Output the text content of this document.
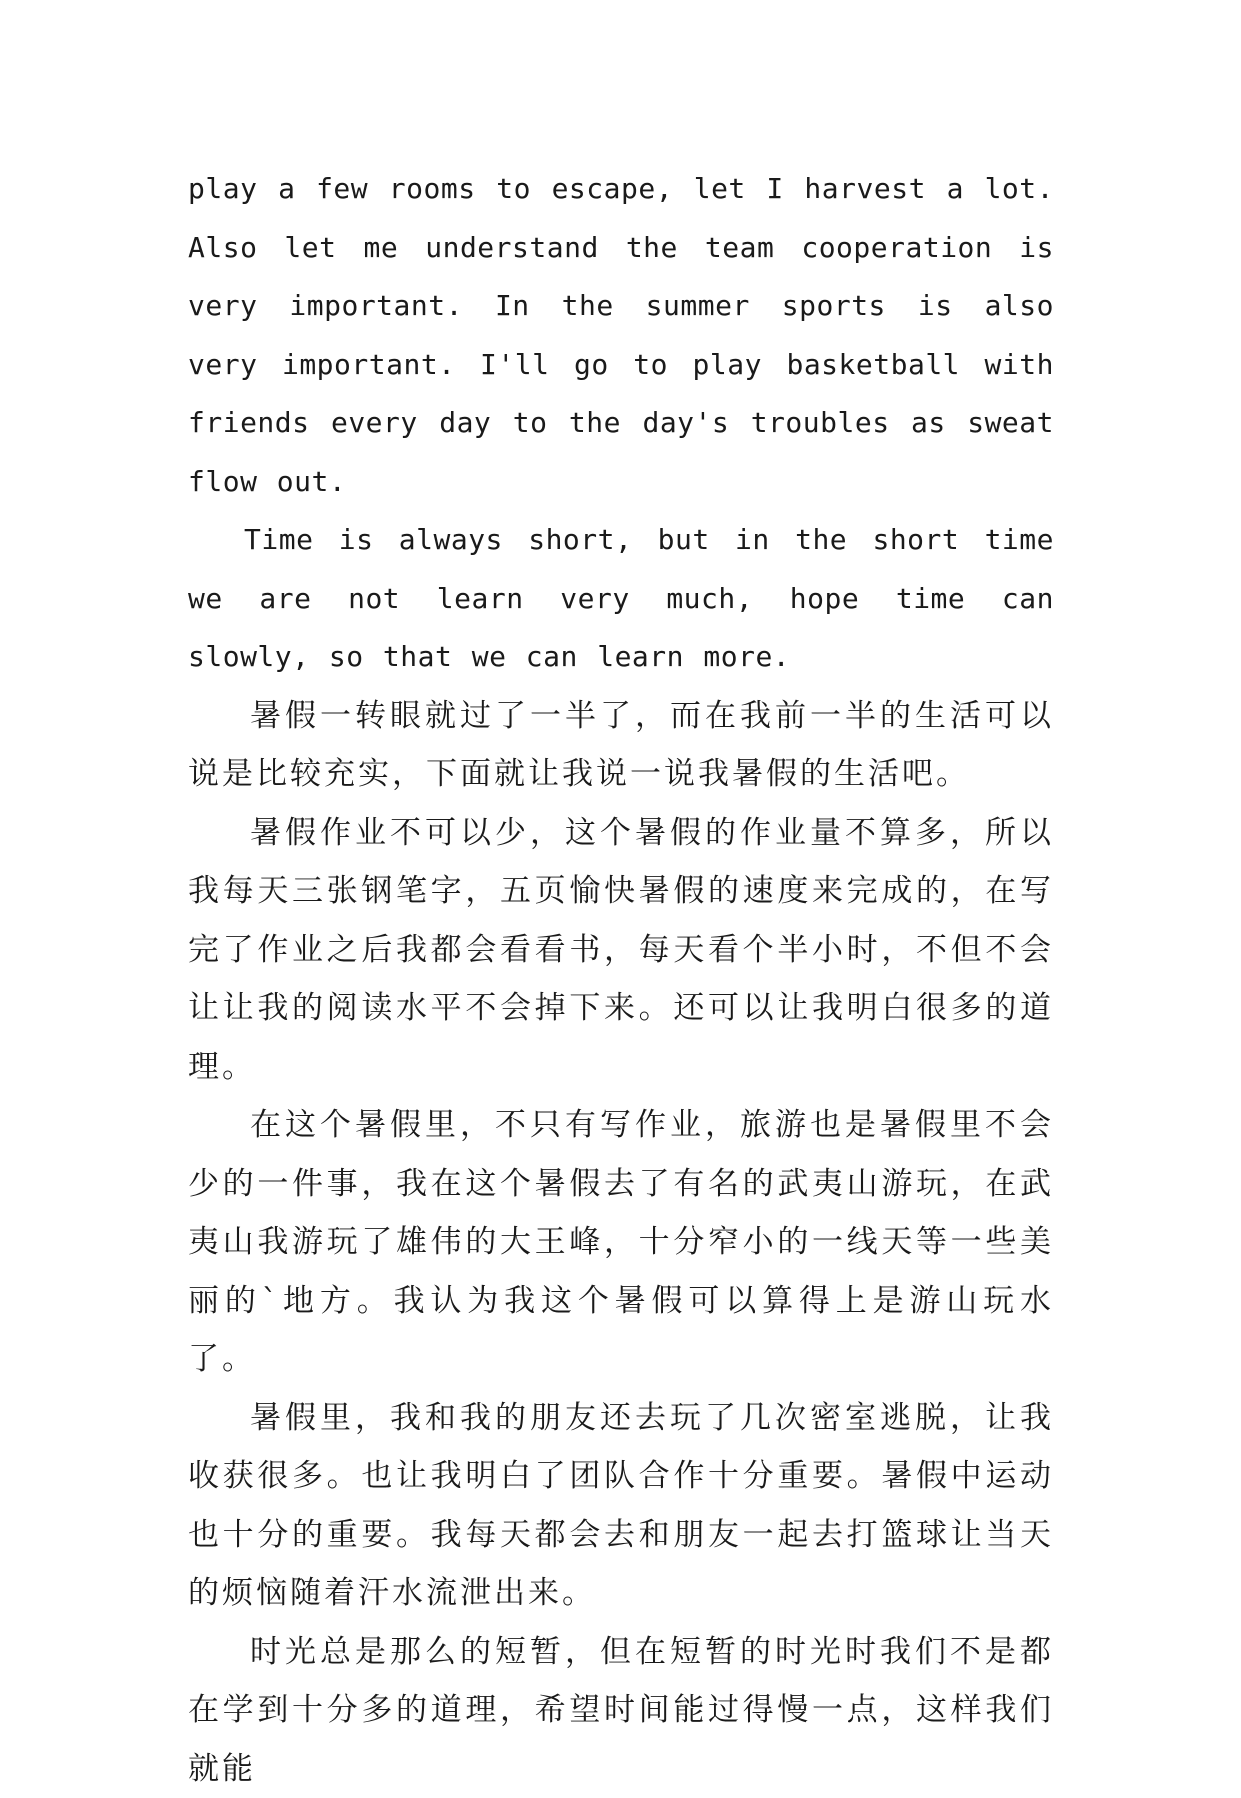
play a few rooms to escape, let I harvest a lot. Also let me understand the team cooperation is very important. In the summer sports is also very important. I'll go to play basketball with friends every day to the day's troubles as sweat flow out.

Time is always short, but in the short time we are not learn very much, hope time can slowly, so that we can learn more.

暑假一转眼就过了一半了，而在我前一半的生活可以说是比较充实，下面就让我说一说我暑假的生活吧。

暑假作业不可以少，这个暑假的作业量不算多，所以我每天三张钢笔字，五页愉快暑假的速度来完成的，在写完了作业之后我都会看看书，每天看个半小时，不但不会让让我的阅读水平不会掉下来。还可以让我明白很多的道理。

在这个暑假里，不只有写作业，旅游也是暑假里不会少的一件事，我在这个暑假去了有名的武夷山游玩，在武夷山我游玩了雄伟的大王峰，十分窄小的一线天等一些美丽的`地方。我认为我这个暑假可以算得上是游山玩水了。

暑假里，我和我的朋友还去玩了几次密室逃脱，让我收获很多。也让我明白了团队合作十分重要。暑假中运动也十分的重要。我每天都会去和朋友一起去打篮球让当天的烦恼随着汗水流泄出来。

时光总是那么的短暂，但在短暂的时光时我们不是都在学到十分多的道理，希望时间能过得慢一点，这样我们就能
